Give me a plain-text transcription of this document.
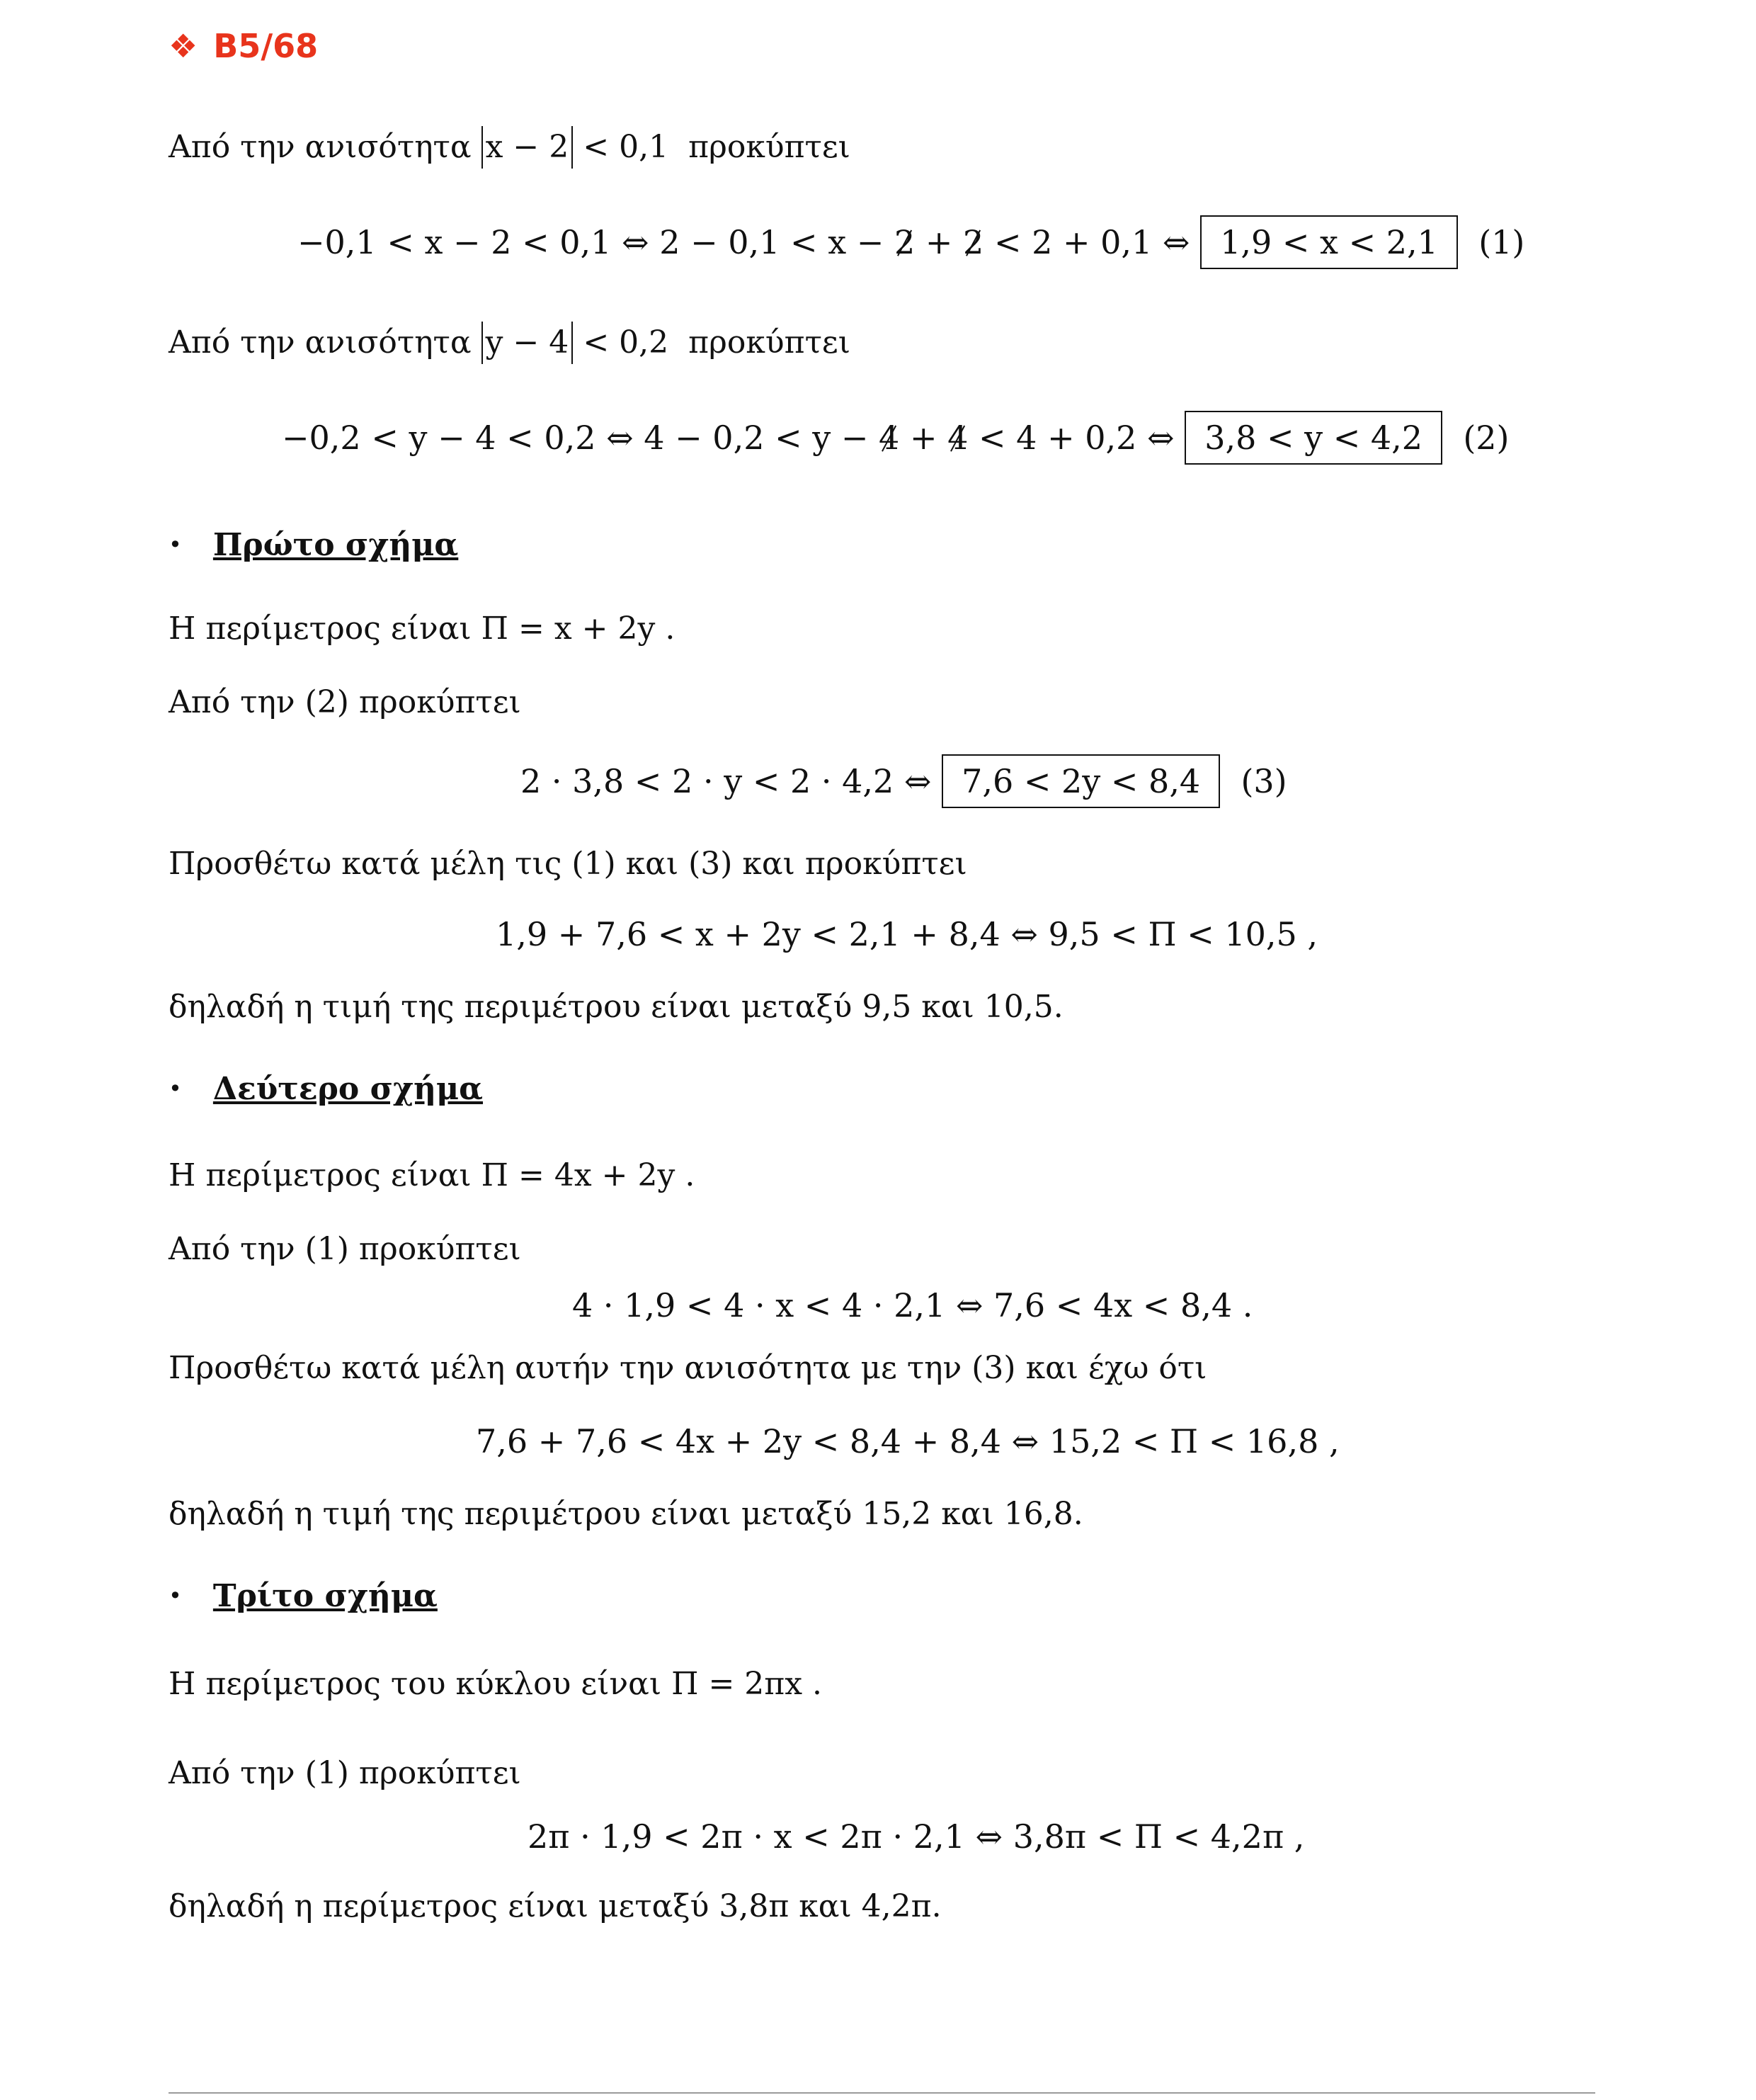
❖ B5/68
Από την ανισότητα x − 2 < 0,1 προκύπτει
−0,1 < x − 2 < 0,1 ⇔ 2 − 0,1 < x − 2 + 2 < 2 + 0,1 ⇔ 1,9 < x < 2,1 (1)
Από την ανισότητα y − 4 < 0,2 προκύπτει
−0,2 < y − 4 < 0,2 ⇔ 4 − 0,2 < y − 4 + 4 < 4 + 0,2 ⇔ 3,8 < y < 4,2 (2)
• Πρώτο σχήμα
Η περίμετρος είναι Π = x + 2y .
Από την (2) προκύπτει
2 · 3,8 < 2 · y < 2 · 4,2 ⇔ 7,6 < 2y < 8,4 (3)
Προσθέτω κατά μέλη τις (1) και (3) και προκύπτει
1,9 + 7,6 < x + 2y < 2,1 + 8,4 ⇔ 9,5 < Π < 10,5 ,
δηλαδή η τιμή της περιμέτρου είναι μεταξύ 9,5 και 10,5.
• Δεύτερο σχήμα
Η περίμετρος είναι Π = 4x + 2y .
Από την (1) προκύπτει
4 · 1,9 < 4 · x < 4 · 2,1 ⇔ 7,6 < 4x < 8,4 .
Προσθέτω κατά μέλη αυτήν την ανισότητα με την (3) και έχω ότι
7,6 + 7,6 < 4x + 2y < 8,4 + 8,4 ⇔ 15,2 < Π < 16,8 ,
δηλαδή η τιμή της περιμέτρου είναι μεταξύ 15,2 και 16,8.
• Τρίτο σχήμα
Η περίμετρος του κύκλου είναι Π = 2πx .
Από την (1) προκύπτει
2π · 1,9 < 2π · x < 2π · 2,1 ⇔ 3,8π < Π < 4,2π ,
δηλαδή η περίμετρος είναι μεταξύ 3,8π και 4,2π.
